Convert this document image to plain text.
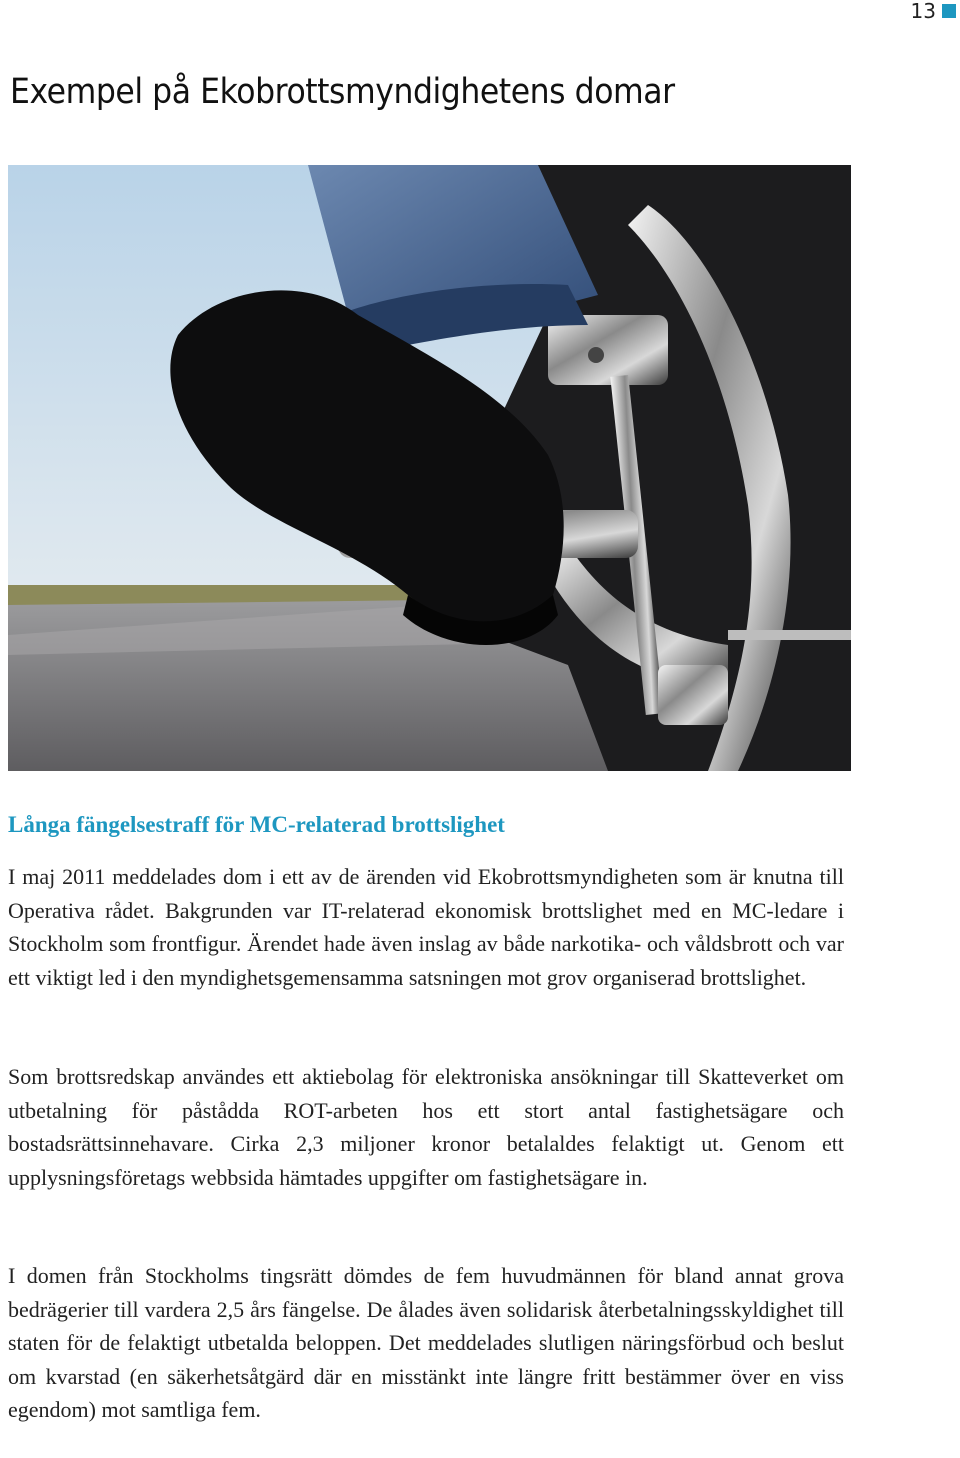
13
Exempel på Ekobrottsmyndighetens domar
Långa fängelsestraff för MC-relaterad brottslighet

I maj 2011 meddelades dom i ett av de ärenden vid Ekobrottsmyndigheten som är knutna till Operativa rådet. Bakgrunden var IT-relaterad ekonomisk brottslighet med en MC-ledare i Stockholm som frontfigur. Ärendet hade även inslag av både narkotika- och våldsbrott och var ett viktigt led i den myndighetsgemensamma satsningen mot grov organiserad brottslighet.

Som brottsredskap användes ett aktiebolag för elektroniska ansökningar till Skatteverket om utbetalning för påstådda ROT-arbeten hos ett stort antal fastighetsägare och bostadsrättsinnehavare. Cirka 2,3 miljoner kronor betalaldes felaktigt ut. Genom ett upplysningsföretags webbsida hämtades uppgifter om fastighetsägare in.

I domen från Stockholms tingsrätt dömdes de fem huvudmännen för bland annat grova bedrägerier till vardera 2,5 års fängelse. De ålades även solidarisk återbetalningsskyldighet till staten för de felaktigt utbetalda beloppen. Det meddelades slutligen näringsförbud och beslut om kvarstad (en säkerhetsåtgärd där en misstänkt inte längre fritt bestämmer över en viss egendom) mot samtliga fem.
